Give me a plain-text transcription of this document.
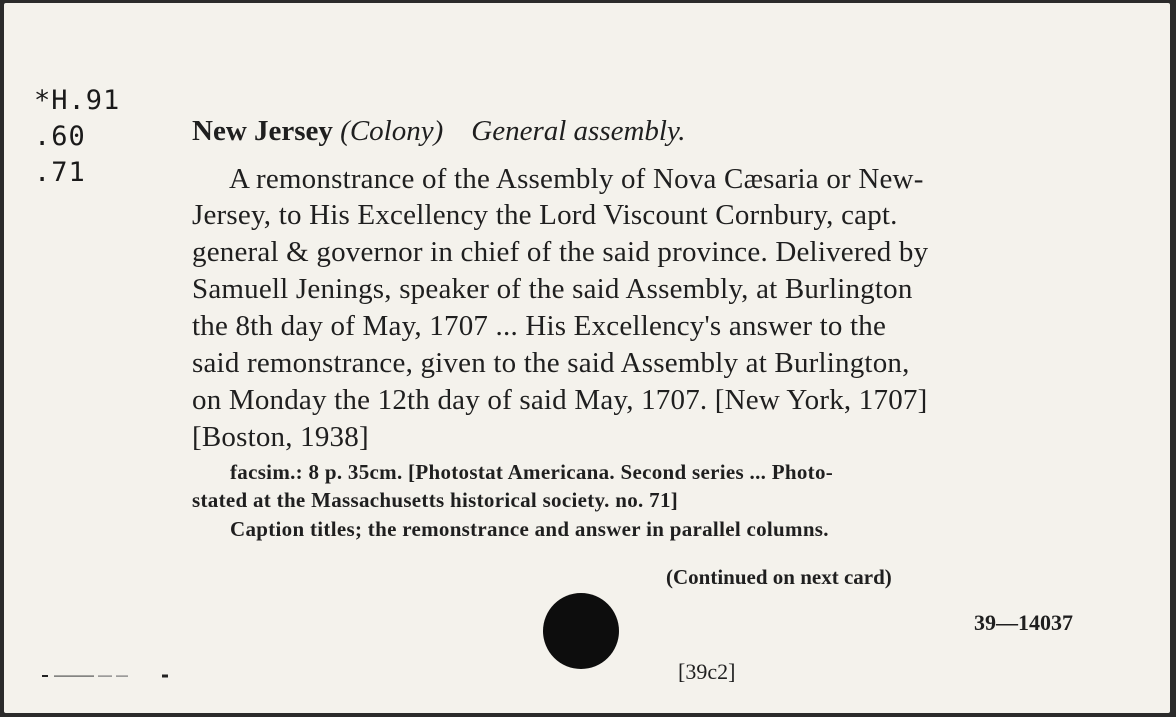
*H.91
.60
.71
New Jersey (Colony) General assembly.
A remonstrance of the Assembly of Nova Cæsaria or New-
Jersey, to His Excellency the Lord Viscount Cornbury, capt.
general & governor in chief of the said province. Delivered by
Samuell Jenings, speaker of the said Assembly, at Burlington
the 8th day of May, 1707 ... His Excellency's answer to the
said remonstrance, given to the said Assembly at Burlington,
on Monday the 12th day of said May, 1707. [New York, 1707]
[Boston, 1938]
facsim.: 8 p. 35cm. [Photostat Americana. Second series ... Photo-
stated at the Massachusetts historical society. no. 71]
Caption titles; the remonstrance and answer in parallel columns.
(Continued on next card)
39—14037
[39c2]
